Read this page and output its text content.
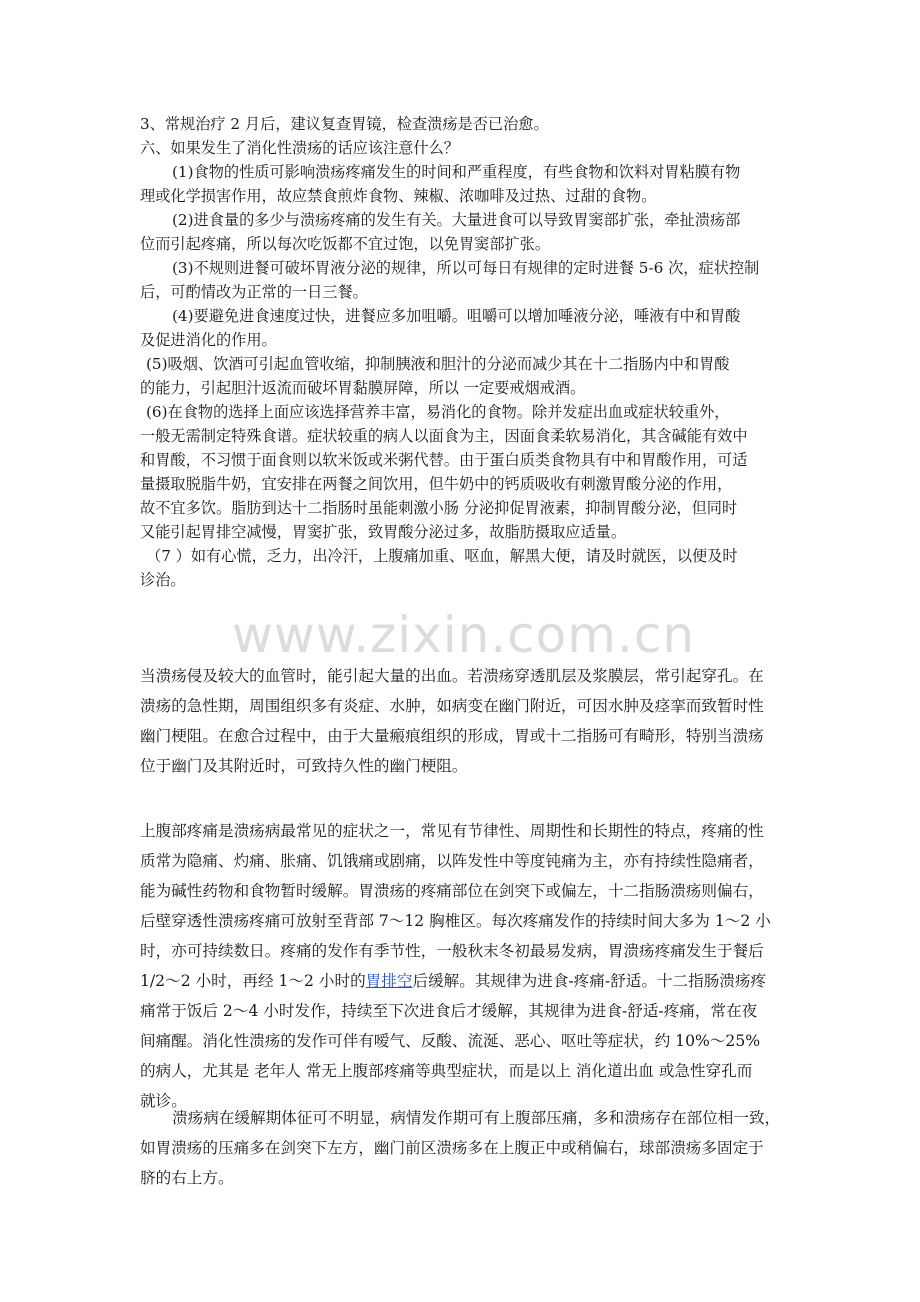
3、常规治疗 2 月后，建议复查胃镜，检查溃疡是否已治愈。
六、如果发生了消化性溃疡的话应该注意什么？
(1)食物的性质可影响溃疡疼痛发生的时间和严重程度，有些食物和饮料对胃粘膜有物
理或化学损害作用，故应禁食煎炸食物、辣椒、浓咖啡及过热、过甜的食物。
(2)进食量的多少与溃疡疼痛的发生有关。大量进食可以导致胃窦部扩张，牵扯溃疡部
位而引起疼痛，所以每次吃饭都不宜过饱，以免胃窦部扩张。
(3)不规则进餐可破坏胃液分泌的规律，所以可每日有规律的定时进餐 5-6 次，症状控制
后，可酌情改为正常的一日三餐。
(4)要避免进食速度过快，进餐应多加咀嚼。咀嚼可以增加唾液分泌，唾液有中和胃酸
及促进消化的作用。
(5)吸烟、饮酒可引起血管收缩，抑制胰液和胆汁的分泌而减少其在十二指肠内中和胃酸
的能力，引起胆汁返流而破坏胃黏膜屏障，所以 一定要戒烟戒酒。
(6)在食物的选择上面应该选择营养丰富，易消化的食物。除并发症出血或症状较重外，
一般无需制定特殊食谱。症状较重的病人以面食为主，因面食柔软易消化，其含碱能有效中
和胃酸，不习惯于面食则以软米饭或米粥代替。由于蛋白质类食物具有中和胃酸作用，可适
量摄取脱脂牛奶，宜安排在两餐之间饮用，但牛奶中的钙质吸收有刺激胃酸分泌的作用，
故不宜多饮。脂肪到达十二指肠时虽能刺激小肠 分泌抑促胃液素，抑制胃酸分泌，但同时
又能引起胃排空减慢，胃窦扩张，致胃酸分泌过多，故脂肪摄取应适量。
（7 ）如有心慌，乏力，出冷汗，上腹痛加重、呕血，解黑大便，请及时就医，以便及时
诊治。
www.zixin.com.cn
当溃疡侵及较大的血管时，能引起大量的出血。若溃疡穿透肌层及浆膜层，常引起穿孔。在
溃疡的急性期，周围组织多有炎症、水肿，如病变在幽门附近，可因水肿及痉挛而致暂时性
幽门梗阻。在愈合过程中，由于大量瘢痕组织的形成，胃或十二指肠可有畸形，特别当溃疡
位于幽门及其附近时，可致持久性的幽门梗阻。
上腹部疼痛是溃疡病最常见的症状之一，常见有节律性、周期性和长期性的特点，疼痛的性
质常为隐痛、灼痛、胀痛、饥饿痛或剧痛，以阵发性中等度钝痛为主，亦有持续性隐痛者，
能为碱性药物和食物暂时缓解。胃溃疡的疼痛部位在剑突下或偏左，十二指肠溃疡则偏右，
后壁穿透性溃疡疼痛可放射至背部 7～12 胸椎区。每次疼痛发作的持续时间大多为 1～2 小
时，亦可持续数日。疼痛的发作有季节性，一般秋末冬初最易发病，胃溃疡疼痛发生于餐后
1/2～2 小时，再经 1～2 小时的胃排空后缓解。其规律为进食-疼痛-舒适。十二指肠溃疡疼
痛常于饭后 2～4 小时发作，持续至下次进食后才缓解，其规律为进食-舒适-疼痛，常在夜
间痛醒。消化性溃疡的发作可伴有嗳气、反酸、流涎、恶心、呕吐等症状，约 10%～25%
的病人，尤其是 老年人 常无上腹部疼痛等典型症状，而是以上 消化道出血 或急性穿孔而
就诊。
溃疡病在缓解期体征可不明显，病情发作期可有上腹部压痛，多和溃疡存在部位相一致，
如胃溃疡的压痛多在剑突下左方，幽门前区溃疡多在上腹正中或稍偏右，球部溃疡多固定于
脐的右上方。
